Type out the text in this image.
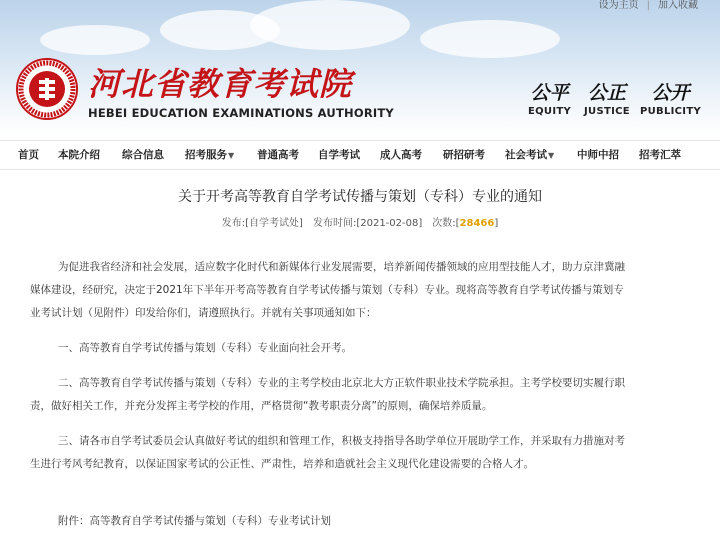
设为主页 | 加入收藏
河北省教育考试院
HEBEI EDUCATION EXAMINATIONS AUTHORITY
公平
EQUITY
公正
JUSTICE
公开
PUBLICITY
首页 本院介绍 综合信息 招考服务▼ 普通高考 自学考试 成人高考 研招研考 社会考试▼ 中师中招 招考汇萃
关于开考高等教育自学考试传播与策划（专科）专业的通知
发布:[自学考试处] 发布时间:[2021-02-08] 次数:[28466]
为促进我省经济和社会发展，适应数字化时代和新媒体行业发展需要，培养新闻传播领域的应用型技能人才，助力京津冀融
媒体建设，经研究，决定于2021年下半年开考高等教育自学考试传播与策划（专科）专业。现将高等教育自学考试传播与策划专
业考试计划（见附件）印发给你们，请遵照执行。并就有关事项通知如下：
一、高等教育自学考试传播与策划（专科）专业面向社会开考。
二、高等教育自学考试传播与策划（专科）专业的主考学校由北京北大方正软件职业技术学院承担。主考学校要切实履行职
责，做好相关工作，并充分发挥主考学校的作用，严格贯彻“教考职责分离”的原则，确保培养质量。
三、请各市自学考试委员会认真做好考试的组织和管理工作，积极支持指导各助学单位开展助学工作，并采取有力措施对考
生进行考风考纪教育，以保证国家考试的公正性、严肃性，培养和造就社会主义现代化建设需要的合格人才。
附件：高等教育自学考试传播与策划（专科）专业考试计划
